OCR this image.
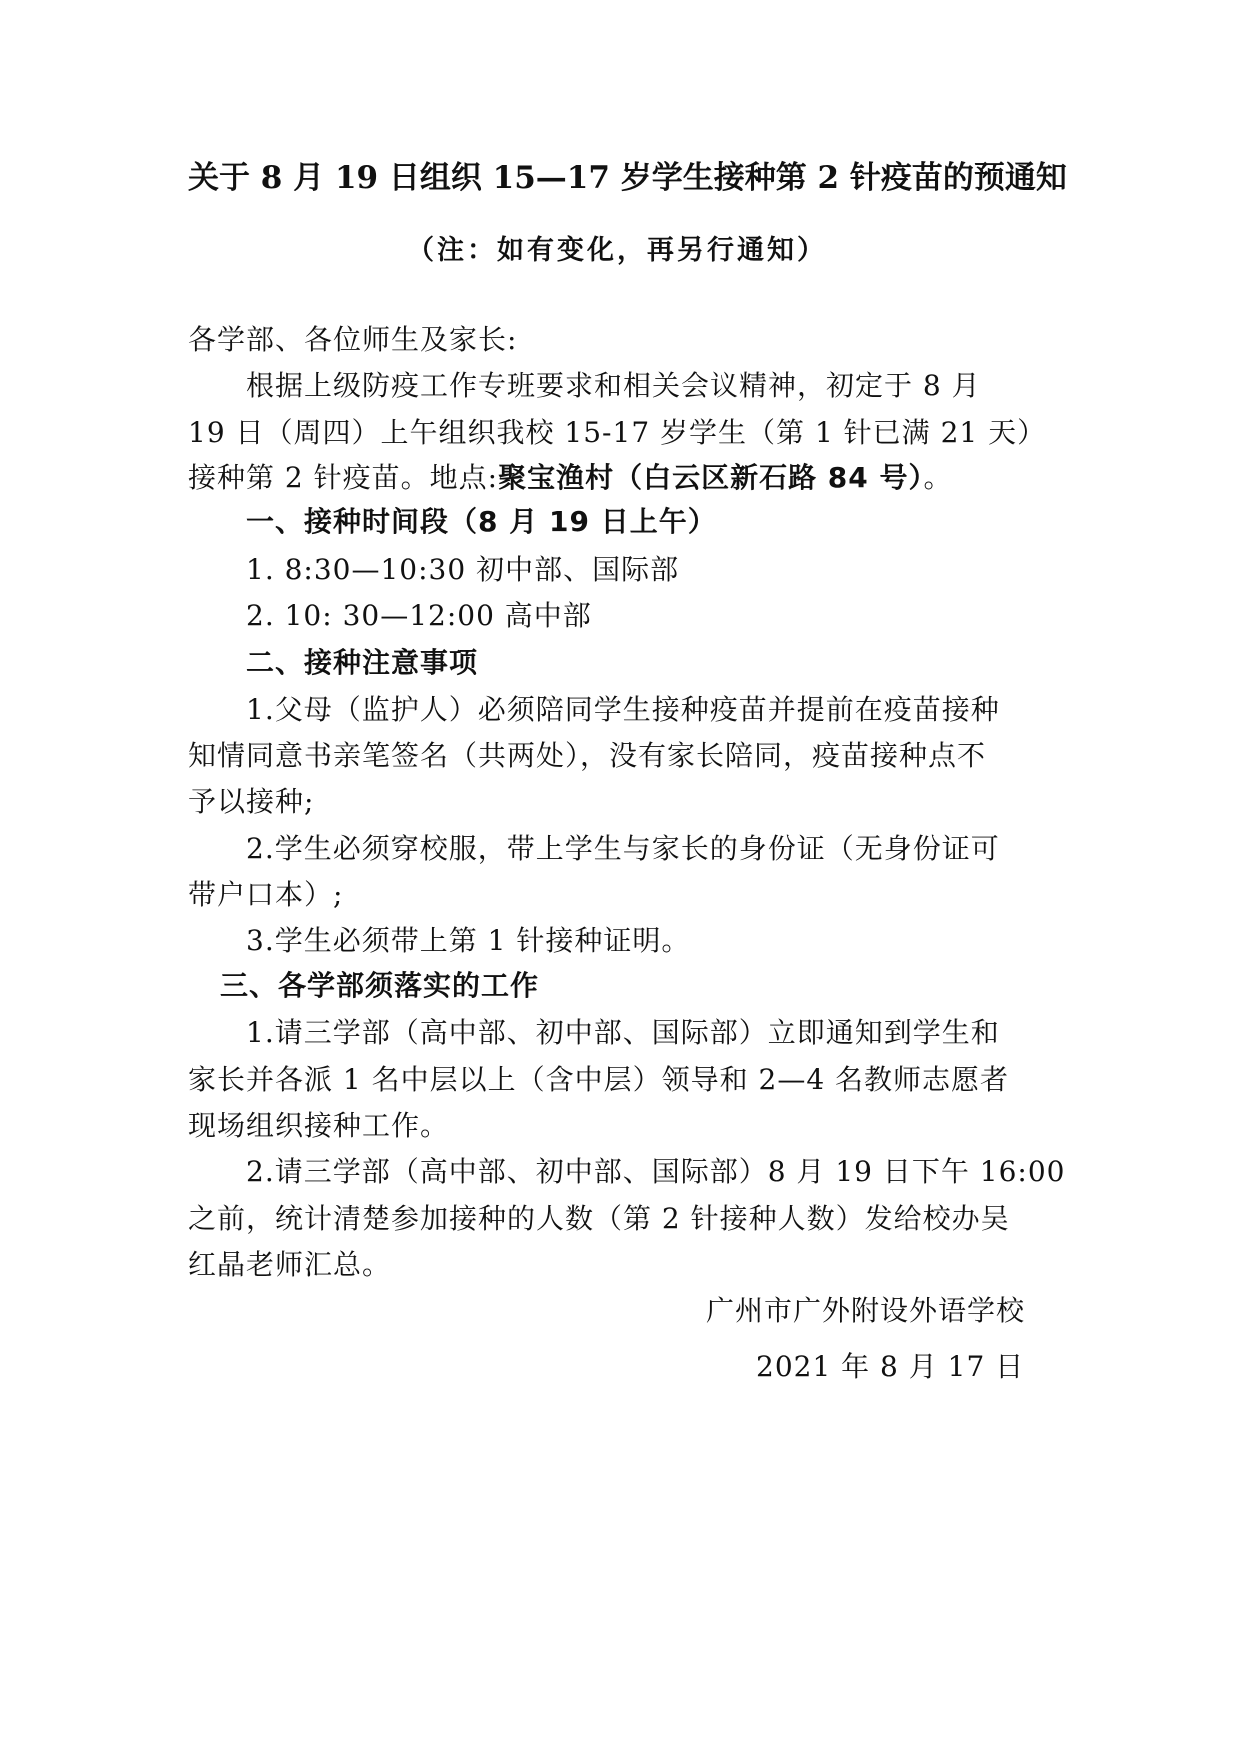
关于 8 月 19 日组织 15—17 岁学生接种第 2 针疫苗的预通知
（注：如有变化，再另行通知）
各学部、各位师生及家长:
根据上级防疫工作专班要求和相关会议精神，初定于 8 月
19 日（周四）上午组织我校 15-17 岁学生（第 1 针已满 21 天）
接种第 2 针疫苗。地点:聚宝渔村（白云区新石路 84 号）。
一、接种时间段（8 月 19 日上午）
1. 8:30—10:30 初中部、国际部
2. 10: 30—12:00 高中部
二、接种注意事项
1.父母（监护人）必须陪同学生接种疫苗并提前在疫苗接种
知情同意书亲笔签名（共两处），没有家长陪同，疫苗接种点不
予以接种;
2.学生必须穿校服，带上学生与家长的身份证（无身份证可
带户口本）;
3.学生必须带上第 1 针接种证明。
三、各学部须落实的工作
1.请三学部（高中部、初中部、国际部）立即通知到学生和
家长并各派 1 名中层以上（含中层）领导和 2—4 名教师志愿者
现场组织接种工作。
2.请三学部（高中部、初中部、国际部）8 月 19 日下午 16:00
之前，统计清楚参加接种的人数（第 2 针接种人数）发给校办吴
红晶老师汇总。
广州市广外附设外语学校
2021 年 8 月 17 日
